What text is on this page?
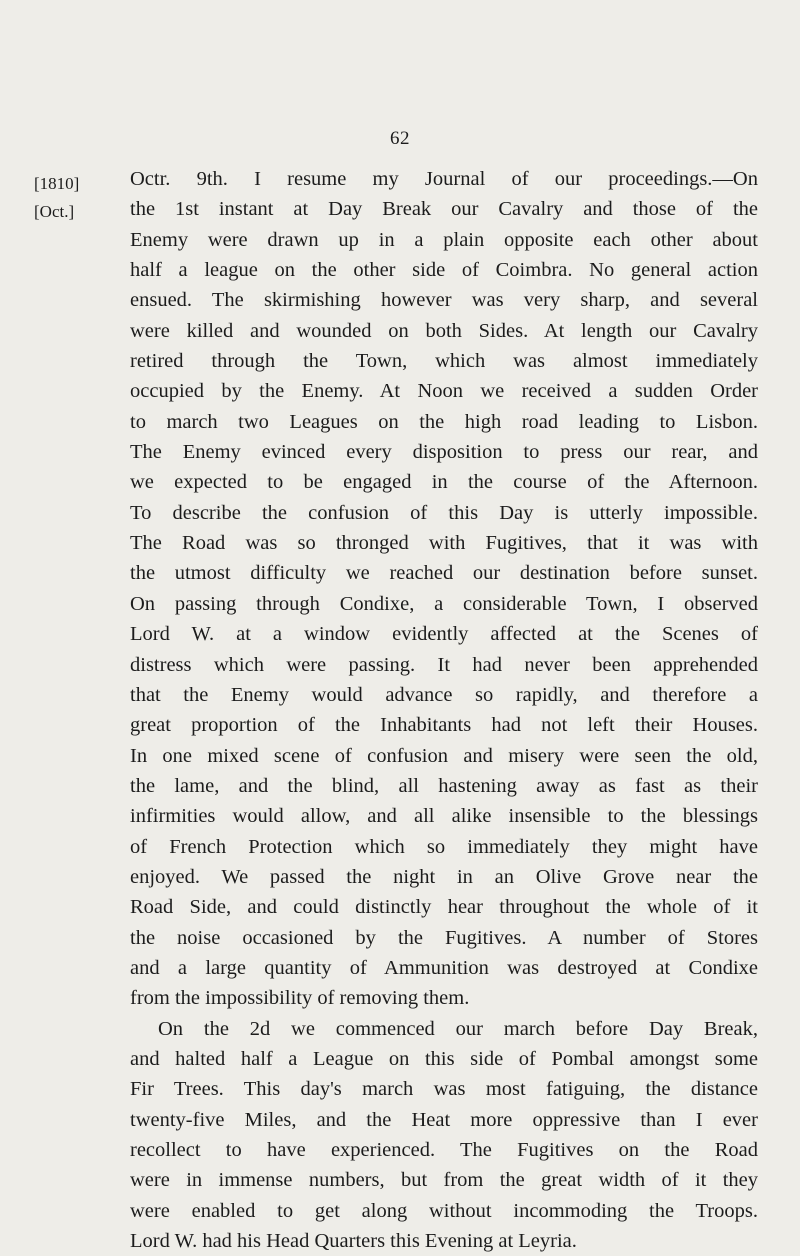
62
[1810]
[Oct.]
Octr. 9th. I resume my Journal of our proceedings.—On
the 1st instant at Day Break our Cavalry and those of the
Enemy were drawn up in a plain opposite each other about
half a league on the other side of Coimbra. No general action
ensued. The skirmishing however was very sharp, and several
were killed and wounded on both Sides. At length our Cavalry
retired through the Town, which was almost immediately
occupied by the Enemy. At Noon we received a sudden Order
to march two Leagues on the high road leading to Lisbon.
The Enemy evinced every disposition to press our rear, and
we expected to be engaged in the course of the Afternoon.
To describe the confusion of this Day is utterly impossible.
The Road was so thronged with Fugitives, that it was with
the utmost difficulty we reached our destination before sunset.
On passing through Condixe, a considerable Town, I observed
Lord W. at a window evidently affected at the Scenes of
distress which were passing. It had never been apprehended
that the Enemy would advance so rapidly, and therefore a
great proportion of the Inhabitants had not left their Houses.
In one mixed scene of confusion and misery were seen the old,
the lame, and the blind, all hastening away as fast as their
infirmities would allow, and all alike insensible to the blessings
of French Protection which so immediately they might have
enjoyed. We passed the night in an Olive Grove near the
Road Side, and could distinctly hear throughout the whole of it
the noise occasioned by the Fugitives. A number of Stores
and a large quantity of Ammunition was destroyed at Condixe
from the impossibility of removing them.
On the 2d we commenced our march before Day Break,
and halted half a League on this side of Pombal amongst some
Fir Trees. This day's march was most fatiguing, the distance
twenty-five Miles, and the Heat more oppressive than I ever
recollect to have experienced. The Fugitives on the Road
were in immense numbers, but from the great width of it they
were enabled to get along without incommoding the Troops.
Lord W. had his Head Quarters this Evening at Leyria.
